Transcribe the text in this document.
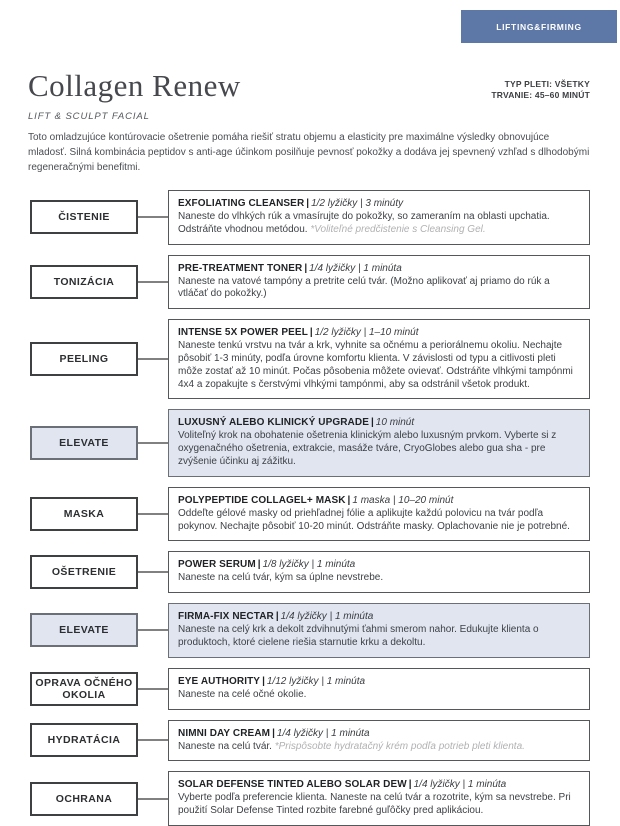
LIFTING&FIRMING
Collagen Renew	TYP PLETI: VŠETKY
TRVANIE: 45–60 MINÚT
LIFT & SCULPT FACIAL

Toto omladzujúce kontúrovacie ošetrenie pomáha riešiť stratu objemu a elasticity pre maximálne výsledky obnovujúce mladosť. Silná kombinácia peptidov s anti-age účinkom posilňuje pevnosť pokožky a dodáva jej spevnený vzhľad s dlhodobými regeneračnými benefitmi.

ČISTENIE
EXFOLIATING CLEANSER | 1/2 lyžičky | 3 minúty
Naneste do vlhkých rúk a vmasírujte do pokožky, so zameraním na oblasti upchatia. Odstráňte vhodnou metódou. *Voliteľné predčistenie s Cleansing Gel.
TONIZÁCIA
PRE-TREATMENT TONER | 1/4 lyžičky | 1 minúta
Naneste na vatové tampóny a pretrite celú tvár. (Možno aplikovať aj priamo do rúk a vtláčať do pokožky.)
PEELING
INTENSE 5X POWER PEEL | 1/2 lyžičky | 1–10 minút
Naneste tenkú vrstvu na tvár a krk, vyhnite sa očnému a periorálnemu okoliu. Nechajte pôsobiť 1-3 minúty, podľa úrovne komfortu klienta. V závislosti od typu a citlivosti pleti môže zostať až 10 minút. Počas pôsobenia môžete ovievať. Odstráňte vlhkými tampónmi 4x4 a zopakujte s čerstvými vlhkými tampónmi, aby sa odstránil všetok produkt.
ELEVATE
LUXUSNÝ ALEBO KLINICKÝ UPGRADE | 10 minút
Voliteľný krok na obohatenie ošetrenia klinickým alebo luxusným prvkom. Vyberte si z oxygenačného ošetrenia, extrakcie, masáže tváre, CryoGlobes alebo gua sha - pre zvýšenie účinku aj zážitku.
MASKA
POLYPEPTIDE COLLAGEL+ MASK | 1 maska | 10–20 minút
Oddeľte gélové masky od priehľadnej fólie a aplikujte každú polovicu na tvár podľa pokynov. Nechajte pôsobiť 10-20 minút. Odstráňte masky. Oplachovanie nie je potrebné.
OŠETRENIE
POWER SERUM | 1/8 lyžičky | 1 minúta
Naneste na celú tvár, kým sa úplne nevstrebe.
ELEVATE
FIRMA-FIX NECTAR | 1/4 lyžičky | 1 minúta
Naneste na celý krk a dekolt zdvihnutými ťahmi smerom nahor. Edukujte klienta o produktoch, ktoré cielene riešia starnutie krku a dekoltu.
OPRAVA OČNÉHO OKOLIA
EYE AUTHORITY | 1/12 lyžičky | 1 minúta
Naneste na celé očné okolie.
HYDRATÁCIA
NIMNI DAY CREAM | 1/4 lyžičky | 1 minúta
Naneste na celú tvár. *Prispôsobte hydratačný krém podľa potrieb pleti klienta.
OCHRANA
SOLAR DEFENSE TINTED ALEBO SOLAR DEW | 1/4 lyžičky | 1 minúta
Vyberte podľa preferencie klienta. Naneste na celú tvár a rozotrite, kým sa nevstrebe. Pri použití Solar Defense Tinted rozbite farebné guľôčky pred aplikáciou.
